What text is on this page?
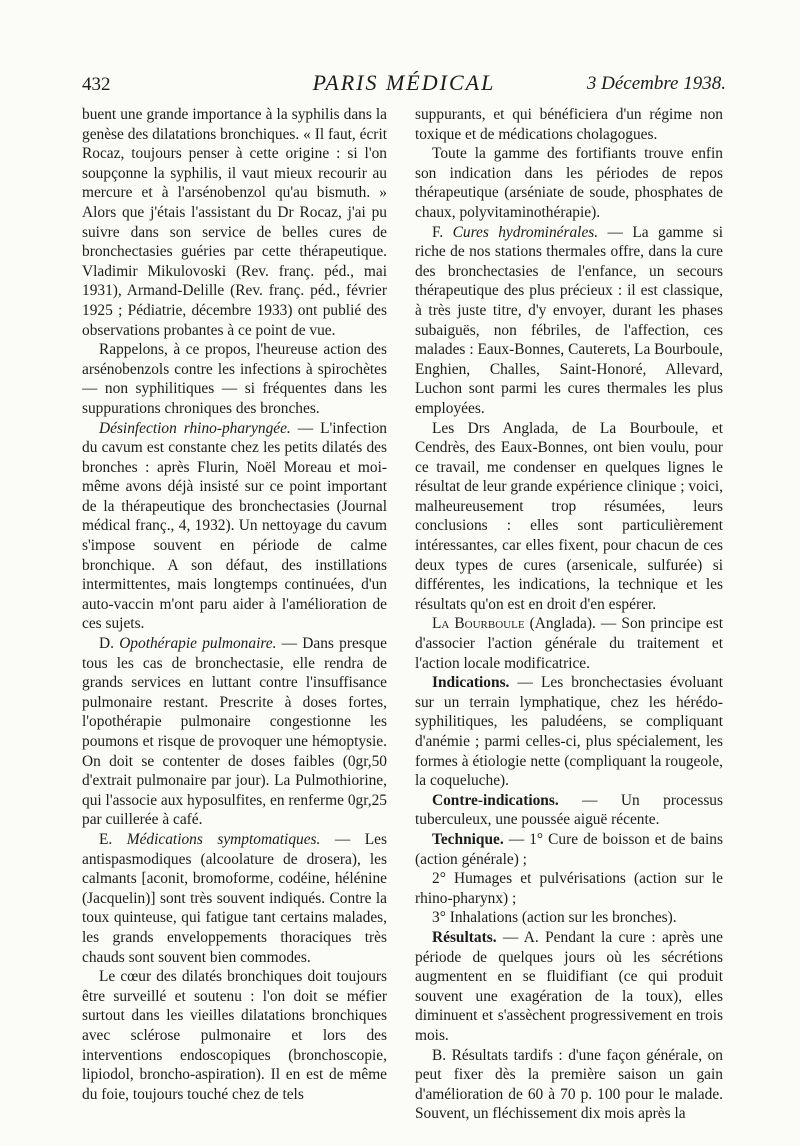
432	PARIS MÉDICAL	3 Décembre 1938.

buent une grande importance à la syphilis dans la genèse des dilatations bronchiques. « Il faut, écrit Rocaz, toujours penser à cette origine : si l'on soupçonne la syphilis, il vaut mieux recourir au mercure et à l'arsénobenzol qu'au bismuth. » Alors que j'étais l'assistant du Dr Rocaz, j'ai pu suivre dans son service de belles cures de bronchectasies guéries par cette thérapeutique. Vladimir Mikulovoski (Rev. franç. péd., mai 1931), Armand-Delille (Rev. franç. péd., février 1925 ; Pédiatrie, décembre 1933) ont publié des observations probantes à ce point de vue.

Rappelons, à ce propos, l'heureuse action des arsénobenzols contre les infections à spirochètes — non syphilitiques — si fréquentes dans les suppurations chroniques des bronches.

Désinfection rhino-pharyngée. — L'infection du cavum est constante chez les petits dilatés des bronches : après Flurin, Noël Moreau et moi-même avons déjà insisté sur ce point important de la thérapeutique des bronchectasies (Journal médical franç., 4, 1932). Un nettoyage du cavum s'impose souvent en période de calme bronchique. A son défaut, des instillations intermittentes, mais longtemps continuées, d'un auto-vaccin m'ont paru aider à l'amélioration de ces sujets.

D. Opothérapie pulmonaire. — Dans presque tous les cas de bronchectasie, elle rendra de grands services en luttant contre l'insuffisance pulmonaire restant. Prescrite à doses fortes, l'opothérapie pulmonaire congestionne les poumons et risque de provoquer une hémoptysie. On doit se contenter de doses faibles (0gr,50 d'extrait pulmonaire par jour). La Pulmothiorine, qui l'associe aux hyposulfites, en renferme 0gr,25 par cuillerée à café.

E. Médications symptomatiques. — Les antispasmodiques (alcoolature de drosera), les calmants [aconit, bromoforme, codéine, hélénine (Jacquelin)] sont très souvent indiqués. Contre la toux quinteuse, qui fatigue tant certains malades, les grands enveloppements thoraciques très chauds sont souvent bien commodes.

Le cœur des dilatés bronchiques doit toujours être surveillé et soutenu : l'on doit se méfier surtout dans les vieilles dilatations bronchiques avec sclérose pulmonaire et lors des interventions endoscopiques (bronchoscopie, lipiodol, broncho-aspiration). Il en est de même du foie, toujours touché chez de tels

suppurants, et qui bénéficiera d'un régime non toxique et de médications cholagogues.

Toute la gamme des fortifiants trouve enfin son indication dans les périodes de repos thérapeutique (arséniate de soude, phosphates de chaux, polyvitaminothérapie).

F. Cures hydrominérales. — La gamme si riche de nos stations thermales offre, dans la cure des bronchectasies de l'enfance, un secours thérapeutique des plus précieux : il est classique, à très juste titre, d'y envoyer, durant les phases subaiguës, non fébriles, de l'affection, ces malades : Eaux-Bonnes, Cauterets, La Bourboule, Enghien, Challes, Saint-Honoré, Allevard, Luchon sont parmi les cures thermales les plus employées.

Les Drs Anglada, de La Bourboule, et Cendrès, des Eaux-Bonnes, ont bien voulu, pour ce travail, me condenser en quelques lignes le résultat de leur grande expérience clinique ; voici, malheureusement trop résumées, leurs conclusions : elles sont particulièrement intéressantes, car elles fixent, pour chacun de ces deux types de cures (arsenicale, sulfurée) si différentes, les indications, la technique et les résultats qu'on est en droit d'en espérer.

La Bourboule (Anglada). — Son principe est d'associer l'action générale du traitement et l'action locale modificatrice.

Indications. — Les bronchectasies évoluant sur un terrain lymphatique, chez les hérédo-syphilitiques, les paludéens, se compliquant d'anémie ; parmi celles-ci, plus spécialement, les formes à étiologie nette (compliquant la rougeole, la coqueluche).

Contre-indications. — Un processus tuberculeux, une poussée aiguë récente.

Technique. — 1° Cure de boisson et de bains (action générale) ;

2° Humages et pulvérisations (action sur le rhino-pharynx) ;

3° Inhalations (action sur les bronches).

Résultats. — A. Pendant la cure : après une période de quelques jours où les sécrétions augmentent en se fluidifiant (ce qui produit souvent une exagération de la toux), elles diminuent et s'assèchent progressivement en trois mois.

B. Résultats tardifs : d'une façon générale, on peut fixer dès la première saison un gain d'amélioration de 60 à 70 p. 100 pour le malade. Souvent, un fléchissement dix mois après la
